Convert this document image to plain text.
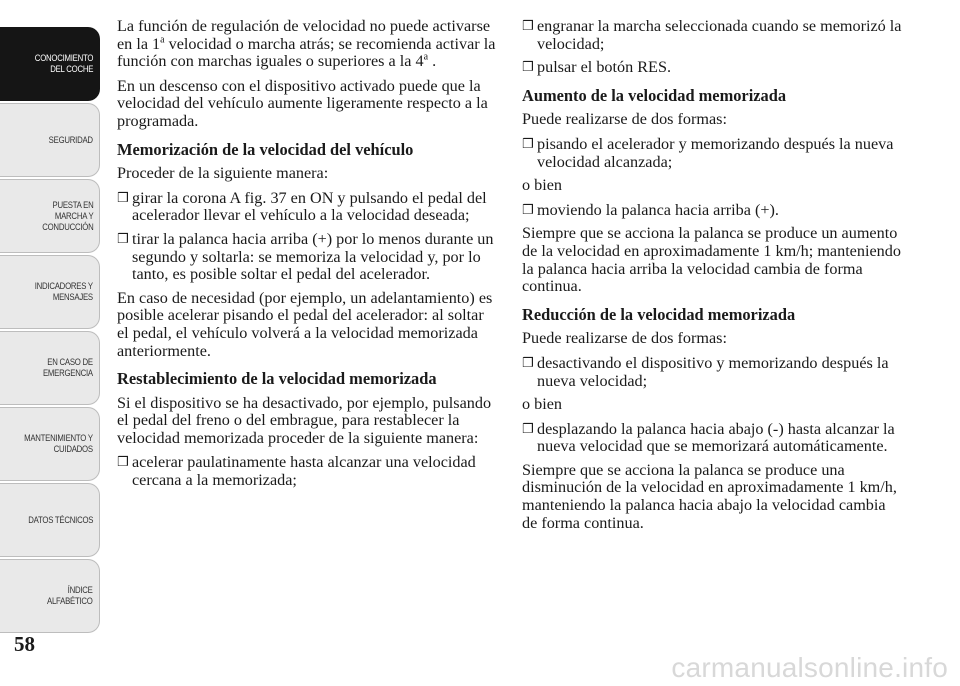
CONOCIMIENTO
DEL COCHE
SEGURIDAD
PUESTA EN
MARCHA Y
CONDUCCIÓN
INDICADORES Y
MENSAJES
EN CASO DE
EMERGENCIA
MANTENIMIENTO Y
CUIDADOS
DATOS TÉCNICOS
ÍNDICE
ALFABÉTICO
58

La función de regulación de velocidad no puede activarse en la 1$^a$ velocidad o marcha atrás; se recomienda activar la función con marchas iguales o superiores a la 4$^a$ .

En un descenso con el dispositivo activado puede que la velocidad del vehículo aumente ligeramente respecto a la programada.

Memorización de la velocidad del vehículo

Proceder de la siguiente manera:

❒ girar la corona A fig. 37 en ON y pulsando el pedal del acelerador llevar el vehículo a la velocidad deseada;
❒ tirar la palanca hacia arriba (+) por lo menos durante un segundo y soltarla: se memoriza la velocidad y, por lo tanto, es posible soltar el pedal del acelerador.

En caso de necesidad (por ejemplo, un adelantamiento) es posible acelerar pisando el pedal del acelerador: al soltar el pedal, el vehículo volverá a la velocidad memorizada anteriormente.

Restablecimiento de la velocidad memorizada

Si el dispositivo se ha desactivado, por ejemplo, pulsando el pedal del freno o del embrague, para restablecer la velocidad memorizada proceder de la siguiente manera:

❒ acelerar paulatinamente hasta alcanzar una velocidad cercana a la memorizada;
❒ engranar la marcha seleccionada cuando se memorizó la velocidad;
❒ pulsar el botón RES.
Aumento de la velocidad memorizada

Puede realizarse de dos formas:

❒ pisando el acelerador y memorizando después la nueva velocidad alcanzada;

o bien

❒ moviendo la palanca hacia arriba (+).

Siempre que se acciona la palanca se produce un aumento de la velocidad en aproximadamente 1 km/h; manteniendo la palanca hacia arriba la velocidad cambia de forma continua.

Reducción de la velocidad memorizada

Puede realizarse de dos formas:

❒ desactivando el dispositivo y memorizando después la nueva velocidad;

o bien

❒ desplazando la palanca hacia abajo (-) hasta alcanzar la nueva velocidad que se memorizará automáticamente.

Siempre que se acciona la palanca se produce una disminución de la velocidad en aproximadamente 1 km/h, manteniendo la palanca hacia abajo la velocidad cambia de forma continua.

carmanualsonline.info
